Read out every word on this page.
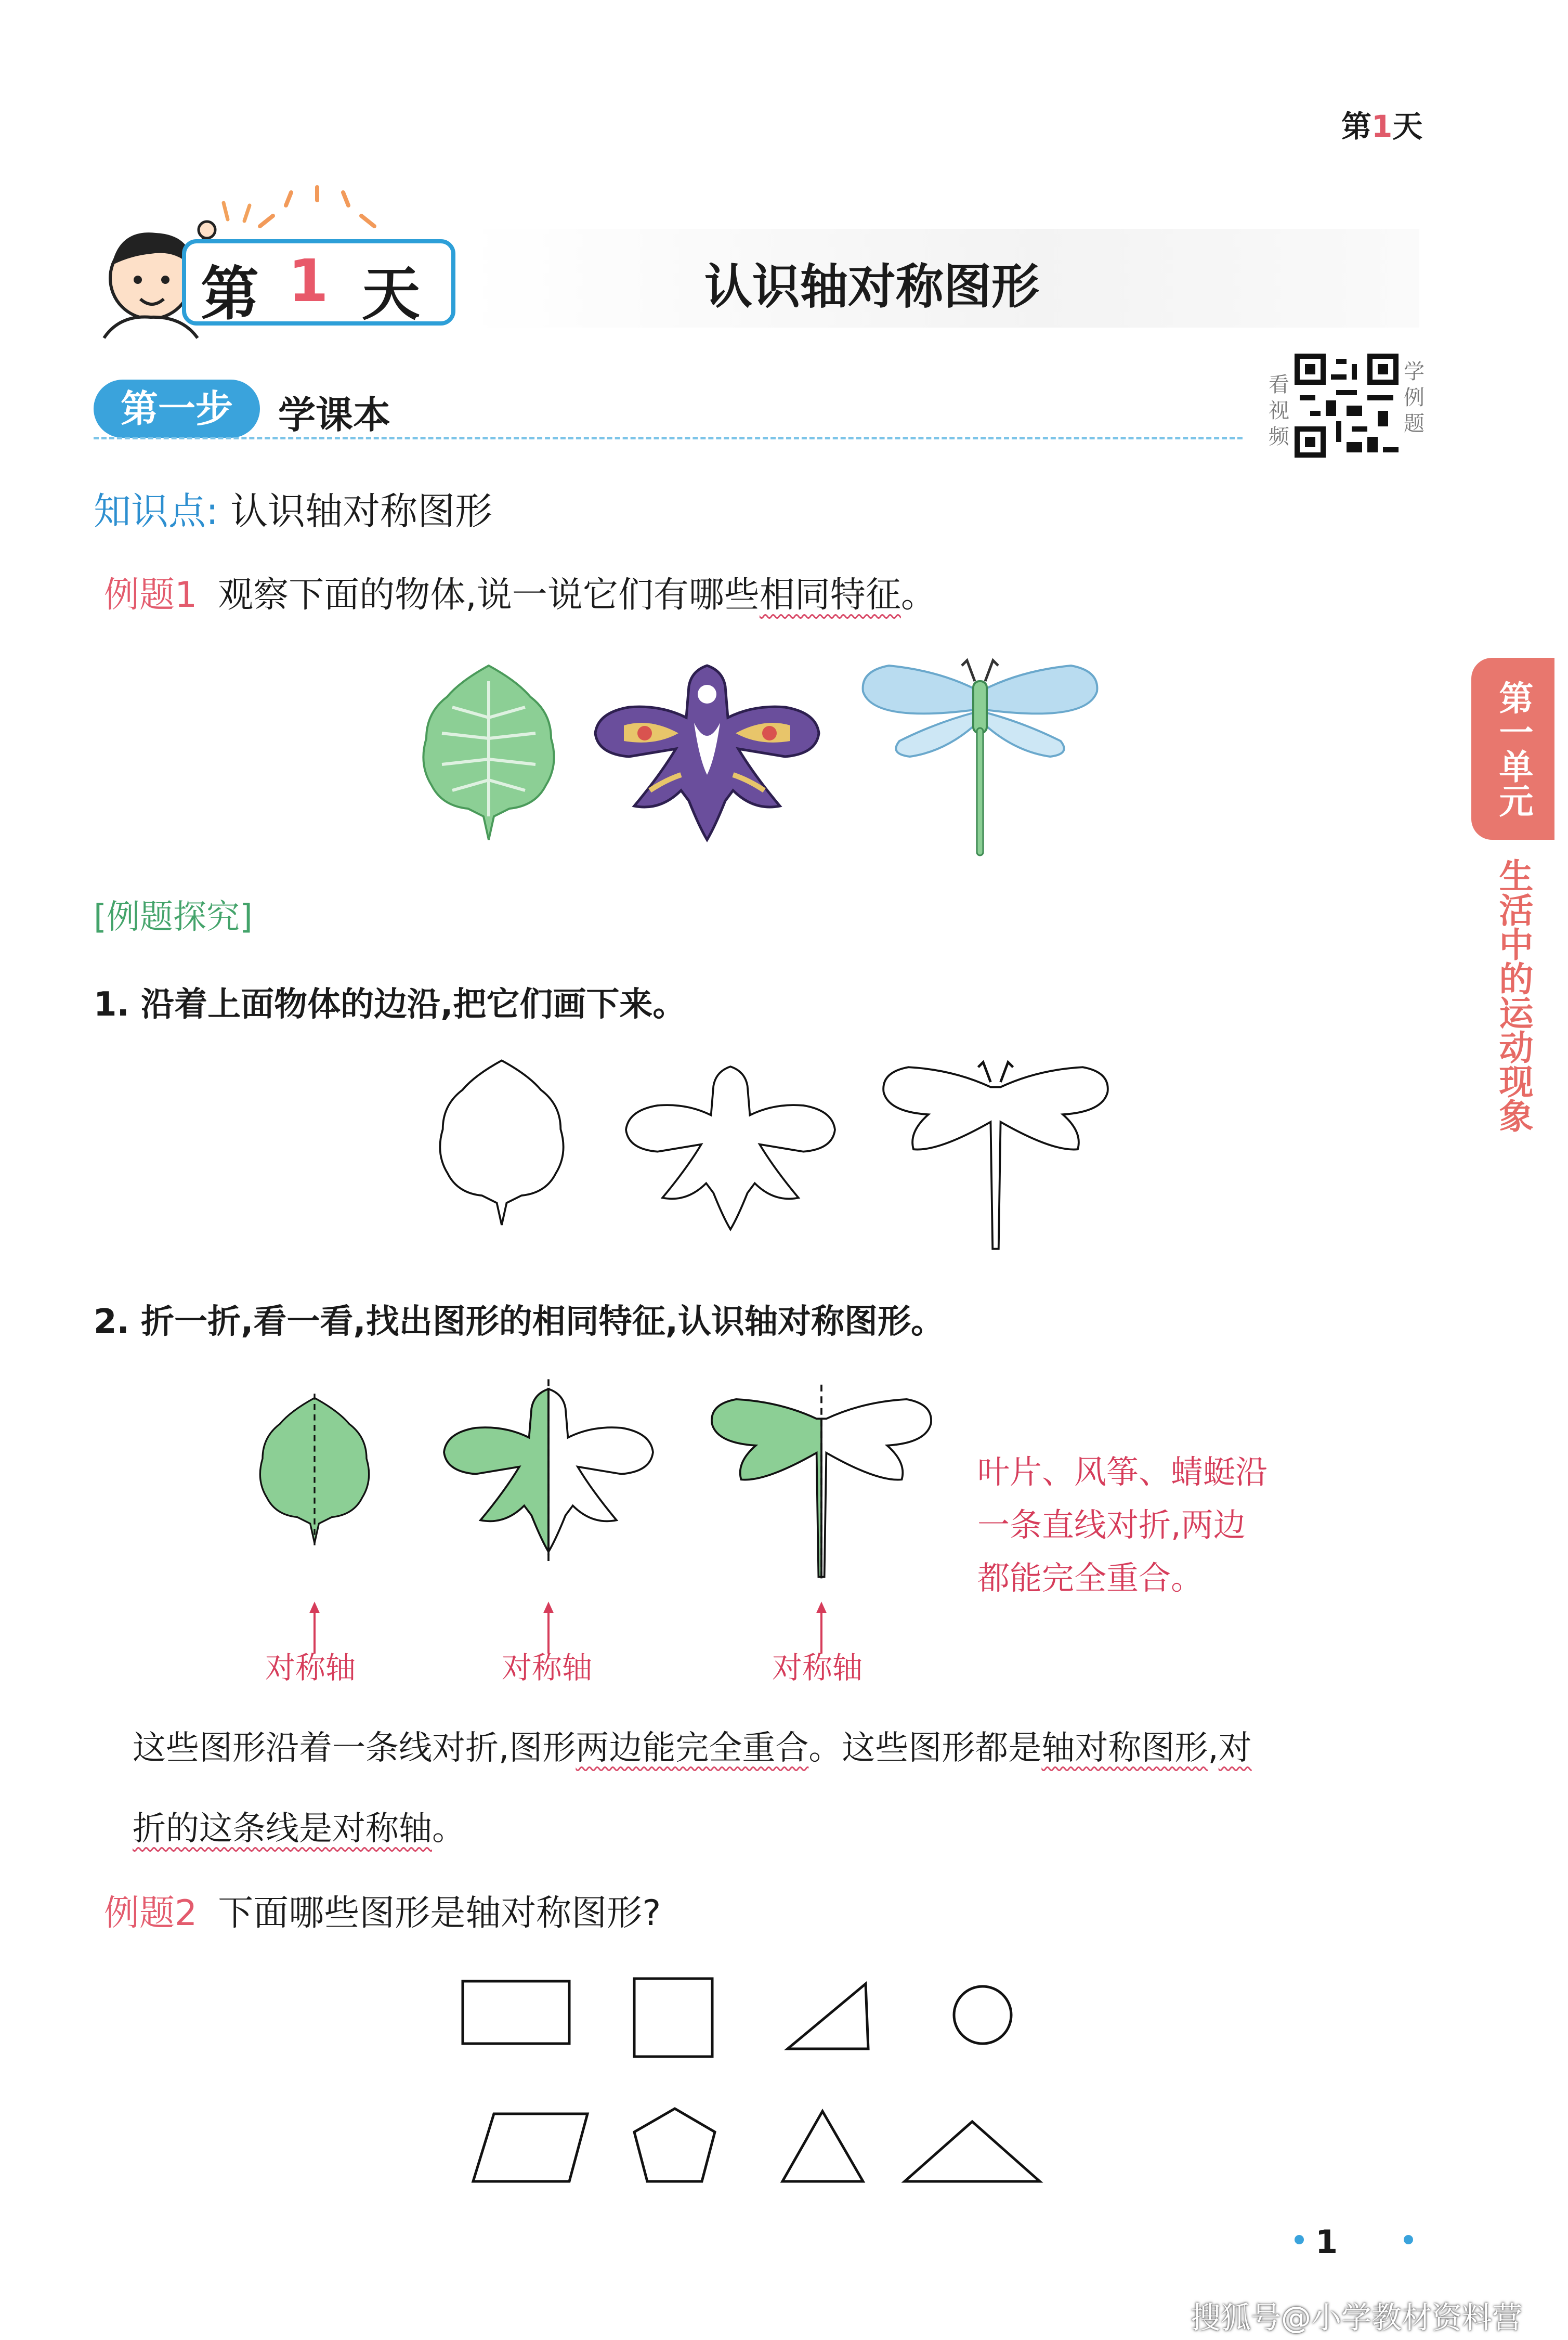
第1天
第 1 天	认识轴对称图形
第一步	学课本
看视频
学例题
知识点: 认识轴对称图形
例题1 观察下面的物体,说一说它们有哪些相同特征。
[例题探究]
1. 沿着上面物体的边沿,把它们画下来。
2. 折一折,看一看,找出图形的相同特征,认识轴对称图形。
对称轴	对称轴	对称轴
叶片、风筝、蜻蜓沿
一条直线对折,两边
都能完全重合。
这些图形沿着一条线对折,图形两边能完全重合。这些图形都是轴对称图形,对
折的这条线是对称轴。
例题2 下面哪些图形是轴对称图形?
第一单元
生活中的运动现象
1
搜狐号@小学教材资料营
